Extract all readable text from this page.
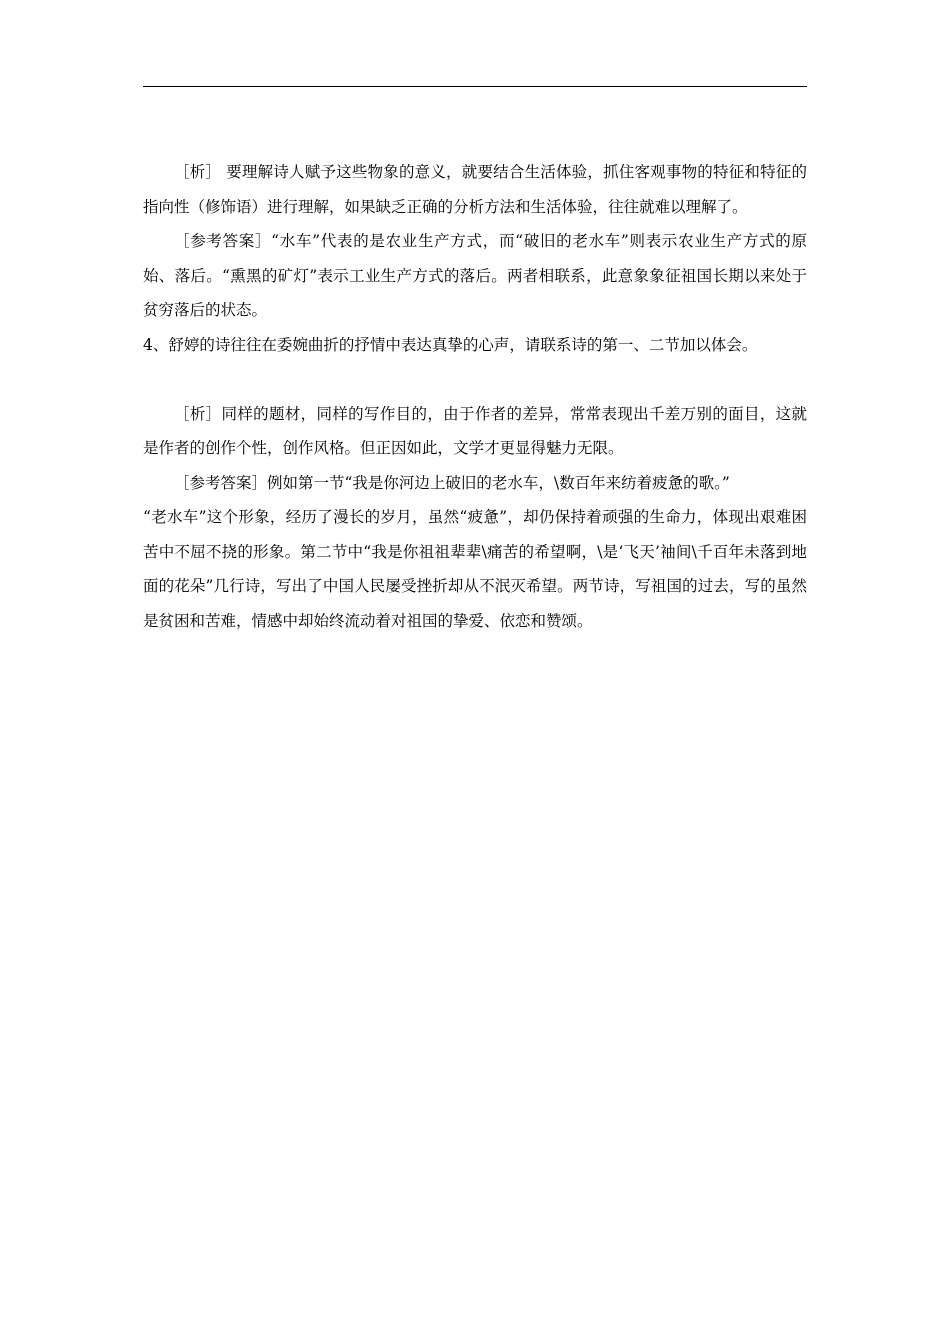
［析］ 要理解诗人赋予这些物象的意义，就要结合生活体验，抓住客观事物的特征和特征的指向性（修饰语）进行理解，如果缺乏正确的分析方法和生活体验，往往就难以理解了。

［参考答案］“水车”代表的是农业生产方式，而“破旧的老水车”则表示农业生产方式的原始、落后。“熏黑的矿灯”表示工业生产方式的落后。两者相联系，此意象象征祖国长期以来处于贫穷落后的状态。

4、舒婷的诗往往在委婉曲折的抒情中表达真挚的心声，请联系诗的第一、二节加以体会。

［析］同样的题材，同样的写作目的，由于作者的差异，常常表现出千差万别的面目，这就是作者的创作个性，创作风格。但正因如此，文学才更显得魅力无限。

［参考答案］例如第一节“我是你河边上破旧的老水车，\数百年来纺着疲惫的歌。”

“老水车”这个形象，经历了漫长的岁月，虽然“疲惫”，却仍保持着顽强的生命力，体现出艰难困苦中不屈不挠的形象。第二节中“我是你祖祖辈辈\痛苦的希望啊，\是‘飞天’袖间\千百年未落到地面的花朵”几行诗，写出了中国人民屡受挫折却从不泯灭希望。两节诗，写祖国的过去，写的虽然是贫困和苦难，情感中却始终流动着对祖国的挚爱、依恋和赞颂。
